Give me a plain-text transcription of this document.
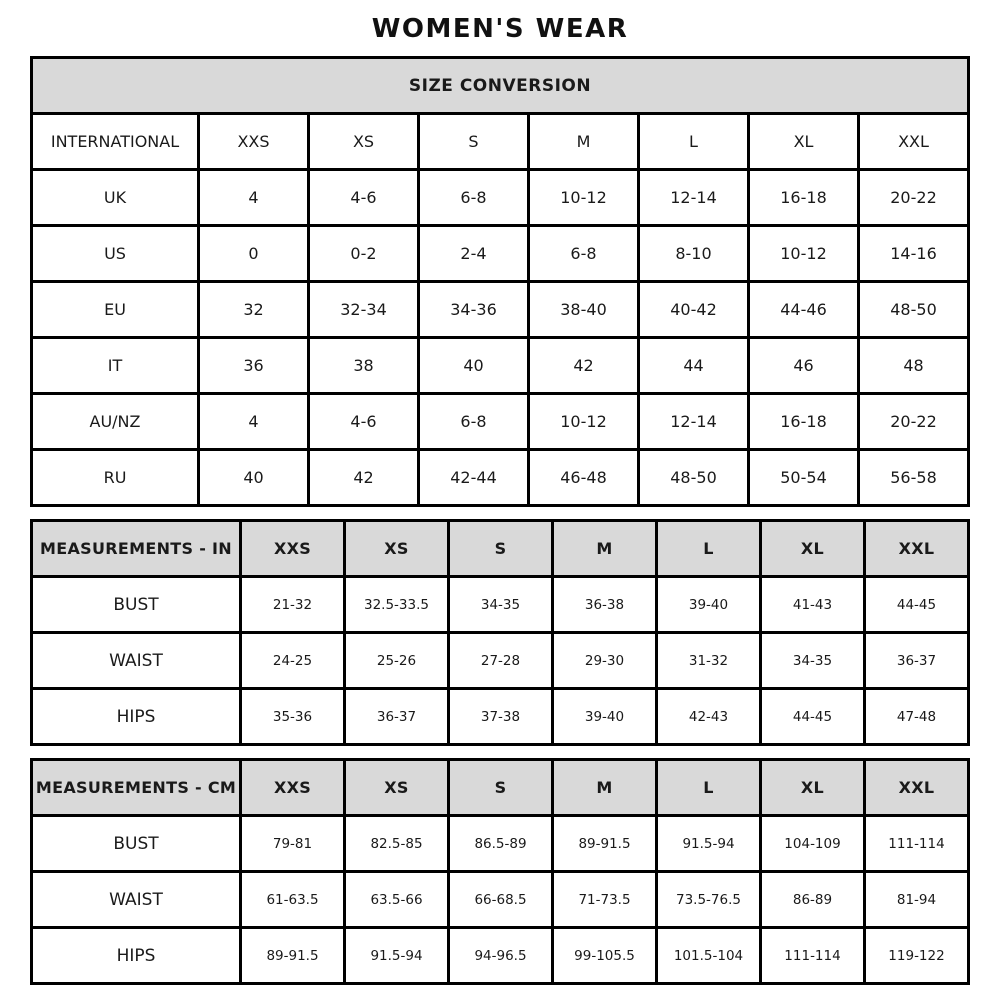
WOMEN'S WEAR
SIZE CONVERSION
INTERNATIONAL	XXS	XS	S	M	L	XL	XXL
UK	4	4-6	6-8	10-12	12-14	16-18	20-22
US	0	0-2	2-4	6-8	8-10	10-12	14-16
EU	32	32-34	34-36	38-40	40-42	44-46	48-50
IT	36	38	40	42	44	46	48
AU/NZ	4	4-6	6-8	10-12	12-14	16-18	20-22
RU	40	42	42-44	46-48	48-50	50-54	56-58
MEASUREMENTS - IN	XXS	XS	S	M	L	XL	XXL
BUST	21-32	32.5-33.5	34-35	36-38	39-40	41-43	44-45
WAIST	24-25	25-26	27-28	29-30	31-32	34-35	36-37
HIPS	35-36	36-37	37-38	39-40	42-43	44-45	47-48
MEASUREMENTS - CM	XXS	XS	S	M	L	XL	XXL
BUST	79-81	82.5-85	86.5-89	89-91.5	91.5-94	104-109	111-114
WAIST	61-63.5	63.5-66	66-68.5	71-73.5	73.5-76.5	86-89	81-94
HIPS	89-91.5	91.5-94	94-96.5	99-105.5	101.5-104	111-114	119-122
